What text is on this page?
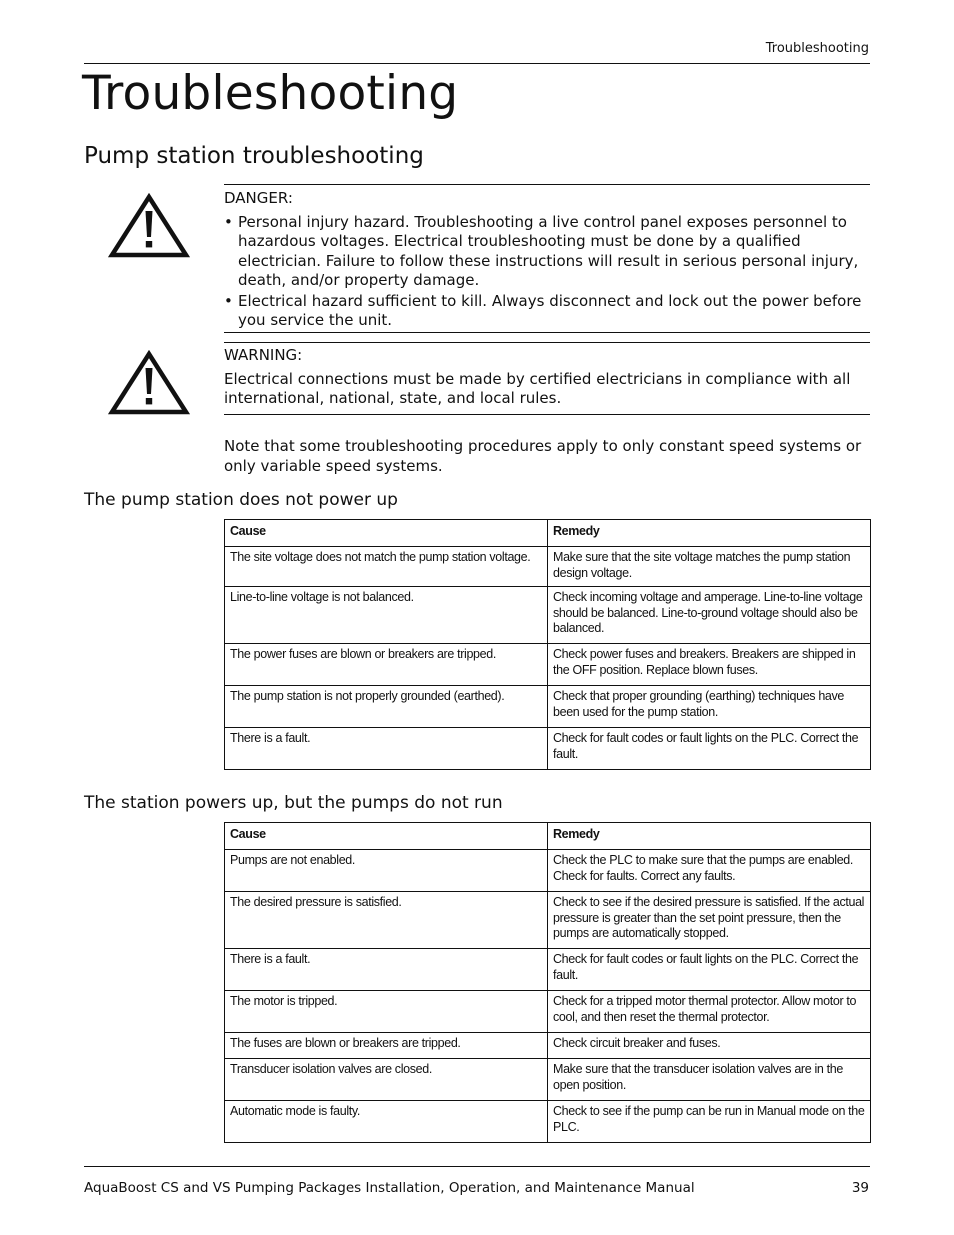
Troubleshooting
Troubleshooting
Pump station troubleshooting
DANGER:
• Personal injury hazard. Troubleshooting a live control panel exposes personnel to hazardous voltages. Electrical troubleshooting must be done by a qualified electrician. Failure to follow these instructions will result in serious personal injury, death, and/or property damage.
• Electrical hazard sufficient to kill. Always disconnect and lock out the power before you service the unit.
WARNING:
Electrical connections must be made by certified electricians in compliance with all international, national, state, and local rules.

Note that some troubleshooting procedures apply to only constant speed systems or only variable speed systems.

The pump station does not power up
Cause	Remedy
The site voltage does not match the pump station voltage.	Make sure that the site voltage matches the pump station design voltage.
Line-to-line voltage is not balanced.	Check incoming voltage and amperage. Line-to-line voltage should be balanced. Line-to-ground voltage should also be balanced.
The power fuses are blown or breakers are tripped.	Check power fuses and breakers. Breakers are shipped in the OFF position. Replace blown fuses.
The pump station is not properly grounded (earthed).	Check that proper grounding (earthing) techniques have been used for the pump station.
There is a fault.	Check for fault codes or fault lights on the PLC. Correct the fault.
The station powers up, but the pumps do not run
Cause	Remedy
Pumps are not enabled.	Check the PLC to make sure that the pumps are enabled. Check for faults. Correct any faults.
The desired pressure is satisfied.	Check to see if the desired pressure is satisfied. If the actual pressure is greater than the set point pressure, then the pumps are automatically stopped.
There is a fault.	Check for fault codes or fault lights on the PLC. Correct the fault.
The motor is tripped.	Check for a tripped motor thermal protector. Allow motor to cool, and then reset the thermal protector.
The fuses are blown or breakers are tripped.	Check circuit breaker and fuses.
Transducer isolation valves are closed.	Make sure that the transducer isolation valves are in the open position.
Automatic mode is faulty.	Check to see if the pump can be run in Manual mode on the PLC.
AquaBoost CS and VS Pumping Packages Installation, Operation, and Maintenance Manual	39
